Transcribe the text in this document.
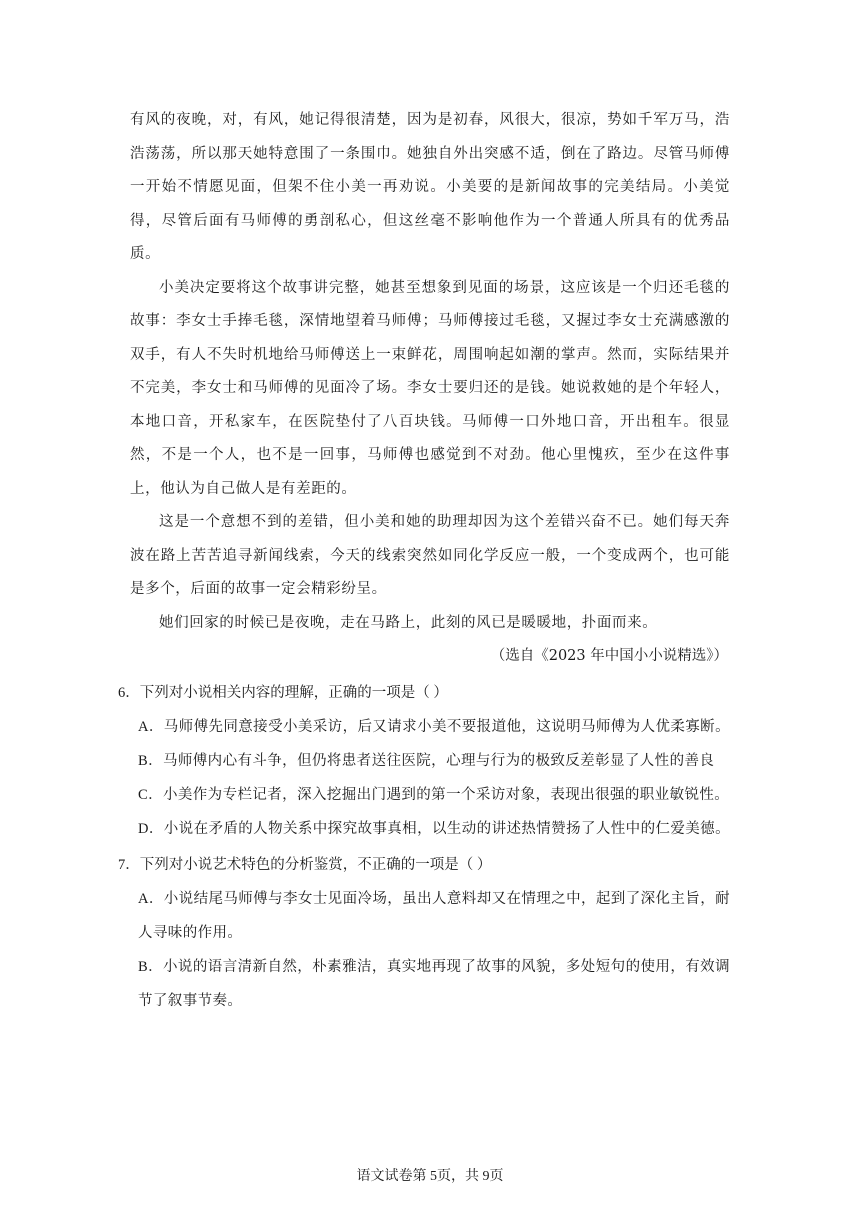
有风的夜晚，对，有风，她记得很清楚，因为是初春，风很大，很凉，势如千军万马，浩浩荡荡，所以那天她特意围了一条围巾。她独自外出突感不适，倒在了路边。尽管马师傅一开始不情愿见面，但架不住小美一再劝说。小美要的是新闻故事的完美结局。小美觉得，尽管后面有马师傅的勇剖私心，但这丝毫不影响他作为一个普通人所具有的优秀品质。

小美决定要将这个故事讲完整，她甚至想象到见面的场景，这应该是一个归还毛毯的故事：李女士手捧毛毯，深情地望着马师傅；马师傅接过毛毯，又握过李女士充满感激的双手，有人不失时机地给马师傅送上一束鲜花，周围响起如潮的掌声。然而，实际结果并不完美，李女士和马师傅的见面冷了场。李女士要归还的是钱。她说救她的是个年轻人，本地口音，开私家车，在医院垫付了八百块钱。马师傅一口外地口音，开出租车。很显然，不是一个人，也不是一回事，马师傅也感觉到不对劲。他心里愧疚，至少在这件事上，他认为自己做人是有差距的。

这是一个意想不到的差错，但小美和她的助理却因为这个差错兴奋不已。她们每天奔波在路上苦苦追寻新闻线索，今天的线索突然如同化学反应一般，一个变成两个，也可能是多个，后面的故事一定会精彩纷呈。

她们回家的时候已是夜晚，走在马路上，此刻的风已是暖暖地，扑面而来。

（选自《2023 年中国小小说精选》）

6．下列对小说相关内容的理解，正确的一项是（ ）

A．马师傅先同意接受小美采访，后又请求小美不要报道他，这说明马师傅为人优柔寡断。

B．马师傅内心有斗争，但仍将患者送往医院，心理与行为的极致反差彰显了人性的善良

C．小美作为专栏记者，深入挖掘出门遇到的第一个采访对象，表现出很强的职业敏锐性。

D．小说在矛盾的人物关系中探究故事真相，以生动的讲述热情赞扬了人性中的仁爱美德。

7．下列对小说艺术特色的分析鉴赏，不正确的一项是（ ）

A．小说结尾马师傅与李女士见面冷场，虽出人意料却又在情理之中，起到了深化主旨，耐人寻味的作用。

B．小说的语言清新自然，朴素雅洁，真实地再现了故事的风貌，多处短句的使用，有效调节了叙事节奏。

语文试卷第 5页，共 9页
